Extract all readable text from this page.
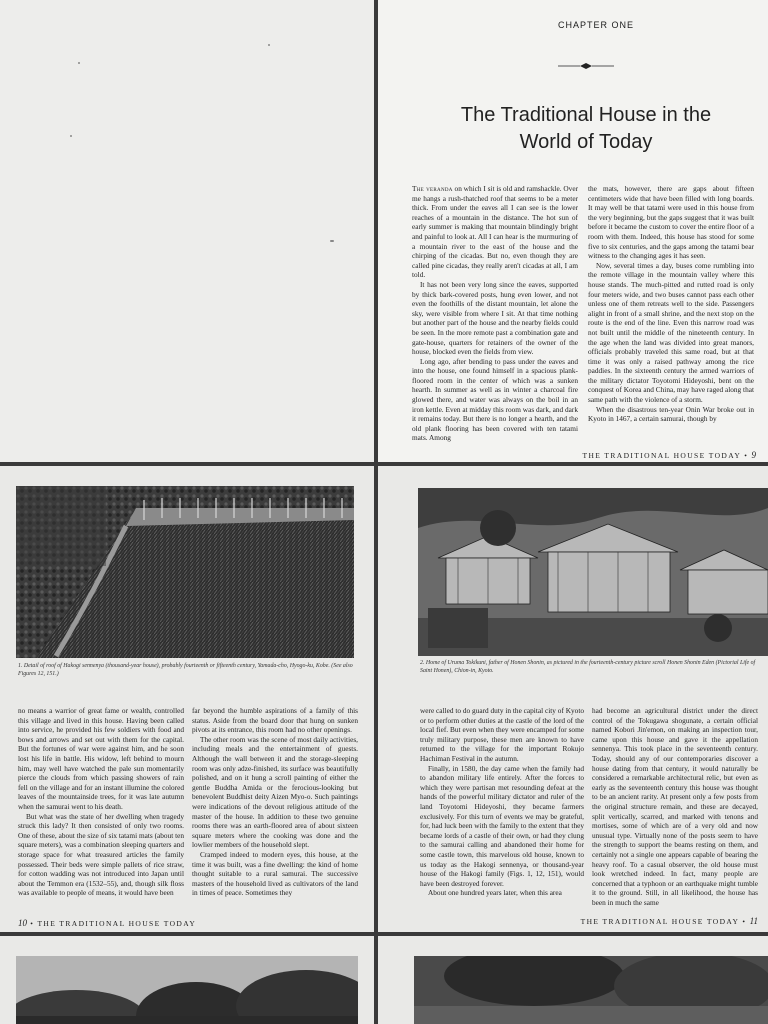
CHAPTER ONE
The Traditional House in the
World of Today

The veranda on which I sit is old and ramshackle. Over me hangs a rush-thatched roof that seems to be a meter thick. From under the eaves all I can see is the lower reaches of a mountain in the distance. The hot sun of early summer is making that mountain blindingly bright and painful to look at. All I can hear is the murmuring of a mountain river to the east of the house and the chirping of the cicadas. But no, even though they are called pine cicadas, they really aren't cicadas at all, I am told.

It has not been very long since the eaves, supported by thick bark-covered posts, hung even lower, and not even the foothills of the distant mountain, let alone the sky, were visible from where I sit. At that time nothing but another part of the house and the nearby fields could be seen. In the more remote past a combination gate and gate-house, quarters for retainers of the owner of the house, blocked even the fields from view.

Long ago, after bending to pass under the eaves and into the house, one found himself in a spacious plank-floored room in the center of which was a sunken hearth. In summer as well as in winter a charcoal fire glowed there, and water was always on the boil in an iron kettle. Even at midday this room was dark, and dark it remains today. But there is no longer a hearth, and the old plank flooring has been covered with ten tatami mats. Among

the mats, however, there are gaps about fifteen centimeters wide that have been filled with long boards. It may well be that tatami were used in this house from the very beginning, but the gaps suggest that it was built before it became the custom to cover the entire floor of a room with them. Indeed, this house has stood for some five to six centuries, and the gaps among the tatami bear witness to the changing ages it has seen.

Now, several times a day, buses come rumbling into the remote village in the mountain valley where this house stands. The much-pitted and rutted road is only four meters wide, and two buses cannot pass each other unless one of them retreats well to the side. Passengers alight in front of a small shrine, and the next stop on the route is the end of the line. Even this narrow road was not built until the middle of the nineteenth century. In the age when the land was divided into great manors, officials probably traveled this same road, but at that time it was only a raised pathway among the rice paddies. In the sixteenth century the armed warriors of the military dictator Toyotomi Hideyoshi, bent on the conquest of Korea and China, may have raged along that same path with the violence of a storm.

When the disastrous ten-year Onin War broke out in Kyoto in 1467, a certain samurai, though by

THE TRADITIONAL HOUSE TODAY • 9
1. Detail of roof of Hakogi sennenya (thousand-year house), probably fourteenth or fifteenth century, Yamada-cho, Hyogo-ku, Kobe. (See also Figures 12, 151.)

no means a warrior of great fame or wealth, controlled this village and lived in this house. Having been called into service, he provided his few soldiers with food and bows and arrows and set out with them for the capital. But the fortunes of war were against him, and he soon lost his life in battle. His widow, left behind to mourn him, may well have watched the pale sun momentarily pierce the clouds from which passing showers of rain fell on the village and for an instant illumine the colored leaves of the mountainside trees, for it was late autumn when the samurai went to his death.

But what was the state of her dwelling when tragedy struck this lady? It then consisted of only two rooms. One of these, about the size of six tatami mats (about ten square meters), was a combination sleeping quarters and storage space for what treasured articles the family possessed. Their beds were simple pallets of rice straw, for cotton wadding was not introduced into Japan until about the Temmon era (1532–55), and, though silk floss was available to people of means, it would have been

far beyond the humble aspirations of a family of this status. Aside from the board door that hung on sunken pivots at its entrance, this room had no other openings.

The other room was the scene of most daily activities, including meals and the entertainment of guests. Although the wall between it and the storage-sleeping room was only adze-finished, its surface was beautifully polished, and on it hung a scroll painting of either the gentle Buddha Amida or the ferocious-looking but benevolent Buddhist deity Aizen Myo-o. Such paintings were indications of the devout religious attitude of the master of the house. In addition to these two genuine rooms there was an earth-floored area of about sixteen square meters where the cooking was done and the lowlier members of the household slept.

Cramped indeed to modern eyes, this house, at the time it was built, was a fine dwelling: the kind of home thought suitable to a rural samurai. The successive masters of the household lived as cultivators of the land in times of peace. Sometimes they

10 • THE TRADITIONAL HOUSE TODAY
2. Home of Uruma Tokikuni, father of Honen Shonin, as pictured in the fourteenth-century picture scroll Honen Shonin Eden (Pictorial Life of Saint Honen), Chion-in, Kyoto.

were called to do guard duty in the capital city of Kyoto or to perform other duties at the castle of the lord of the local fief. But even when they were encamped for some truly military purpose, these men are known to have returned to the village for the important Rokujo Hachiman Festival in the autumn.

Finally, in 1580, the day came when the family had to abandon military life entirely. After the forces to which they were partisan met resounding defeat at the hands of the powerful military dictator and ruler of the land Toyotomi Hideyoshi, they became farmers exclusively. For this turn of events we may be grateful, for, had luck been with the family to the extent that they became lords of a castle of their own, or had they clung to the samurai calling and abandoned their home for some castle town, this marvelous old house, known to us today as the Hakogi sennenya, or thousand-year house of the Hakogi family (Figs. 1, 12, 151), would have been destroyed forever.

About one hundred years later, when this area

had become an agricultural district under the direct control of the Tokugawa shogunate, a certain official named Kobori Jin'emon, on making an inspection tour, came upon this house and gave it the appellation sennenya. This took place in the seventeenth century. Today, should any of our contemporaries discover a house dating from that century, it would naturally be considered a remarkable architectural relic, but even as early as the seventeenth century this house was thought to be an ancient rarity. At present only a few posts from the original structure remain, and these are decayed, split vertically, scarred, and marked with tenons and mortises, some of which are of a very old and now unusual type. Virtually none of the posts seem to have the strength to support the beams resting on them, and certainly not a single one appears capable of bearing the heavy roof. To a casual observer, the old house must look wretched indeed. In fact, many people are concerned that a typhoon or an earthquake might tumble it to the ground. Still, in all likelihood, the house has been in much the same

THE TRADITIONAL HOUSE TODAY • 11
